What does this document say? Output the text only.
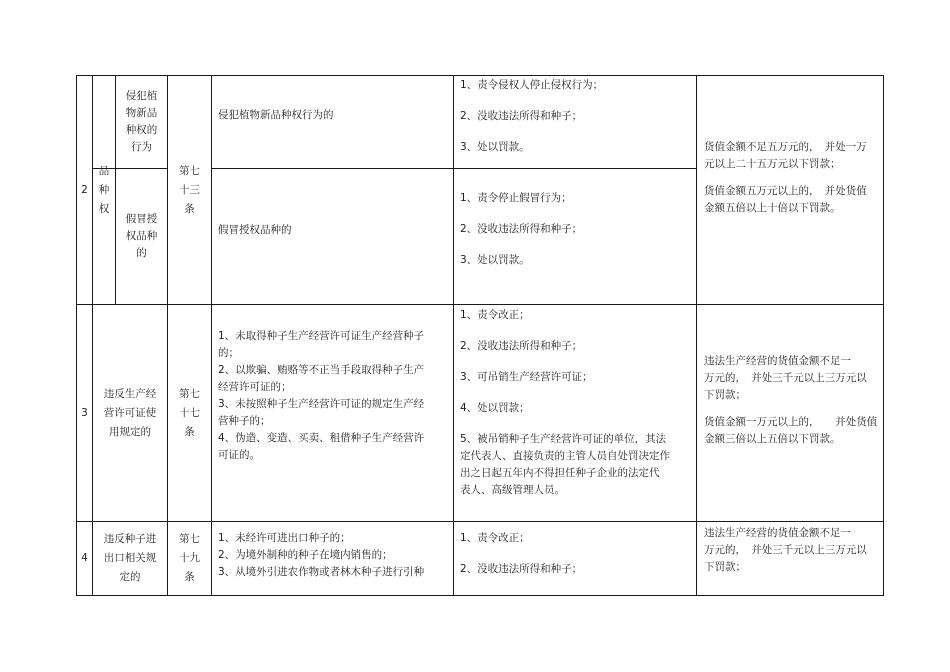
2
品
种
权
侵犯植
物新品
种权的
行为
假冒授
权品种
的
第七
十三
条
侵犯植物新品种权行为的
假冒授权品种的
1、责令侵权人停止侵权行为；
2、没收违法所得和种子；
3、处以罚款。
1、责令停止假冒行为；
2、没收违法所得和种子；
3、处以罚款。
货值金额不足五万元的，　并处一万
元以上二十五万元以下罚款；
货值金额五万元以上的，　并处货值
金额五倍以上十倍以下罚款。
3
违反生产经
营许可证使
用规定的
第七
十七
条
1、未取得种子生产经营许可证生产经营种子
的；
2、以欺骗、贿赂等不正当手段取得种子生产
经营许可证的；
3、未按照种子生产经营许可证的规定生产经
营种子的；
4、伪造、变造、买卖、租借种子生产经营许
可证的。
1、责令改正；
2、没收违法所得和种子；
3、可吊销生产经营许可证；
4、处以罚款；
5、被吊销种子生产经营许可证的单位，其法
定代表人、直接负责的主管人员自处罚决定作
出之日起五年内不得担任种子企业的法定代
表人、高级管理人员。
违法生产经营的货值金额不足一
万元的，　并处三千元以上三万元以
下罚款；
货值金额一万元以上的，　　并处货值
金额三倍以上五倍以下罚款。
4
违反种子进
出口相关规
定的
第七
十九
条
1、未经许可进出口种子的；
2、为境外制种的种子在境内销售的；
3、从境外引进农作物或者林木种子进行引种
1、责令改正；
2、没收违法所得和种子；
违法生产经营的货值金额不足一
万元的，　并处三千元以上三万元以
下罚款；
